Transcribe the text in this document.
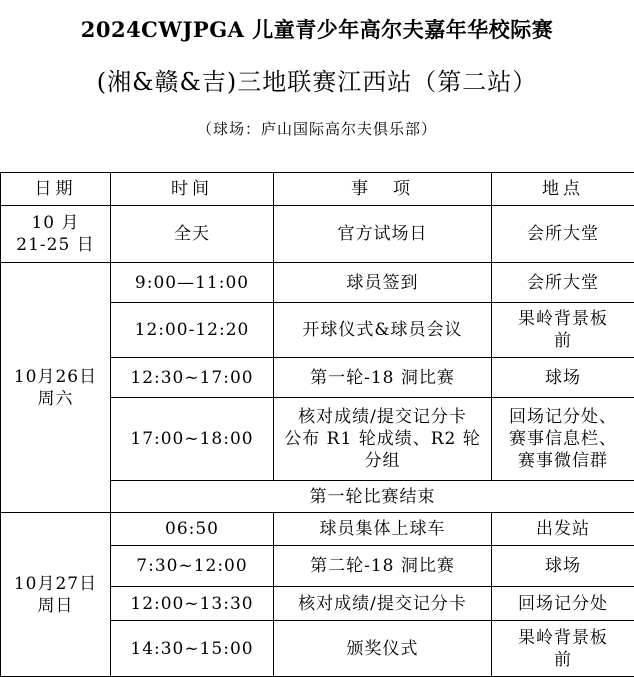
2024CWJPGA 儿童青少年高尔夫嘉年华校际赛
(湘&赣&吉)三地联赛江西站（第二站）
（球场：庐山国际高尔夫俱乐部）
日期	时间	事　项	地点
10 月
21-25 日	全天	官方试场日	会所大堂
10月26日
周六	9:00—11:00	球员签到	会所大堂
	12:00-12:20	开球仪式&球员会议	果岭背景板
前
	12:30~17:00	第一轮-18 洞比赛	球场
	17:00~18:00	核对成绩/提交记分卡
公布 R1 轮成绩、R2 轮
分组	回场记分处、
赛事信息栏、
赛事微信群
	第一轮比赛结束		
10月27日
周日	06:50	球员集体上球车	出发站
	7:30~12:00	第二轮-18 洞比赛	球场
	12:00~13:30	核对成绩/提交记分卡	回场记分处
	14:30~15:00	颁奖仪式	果岭背景板
前
